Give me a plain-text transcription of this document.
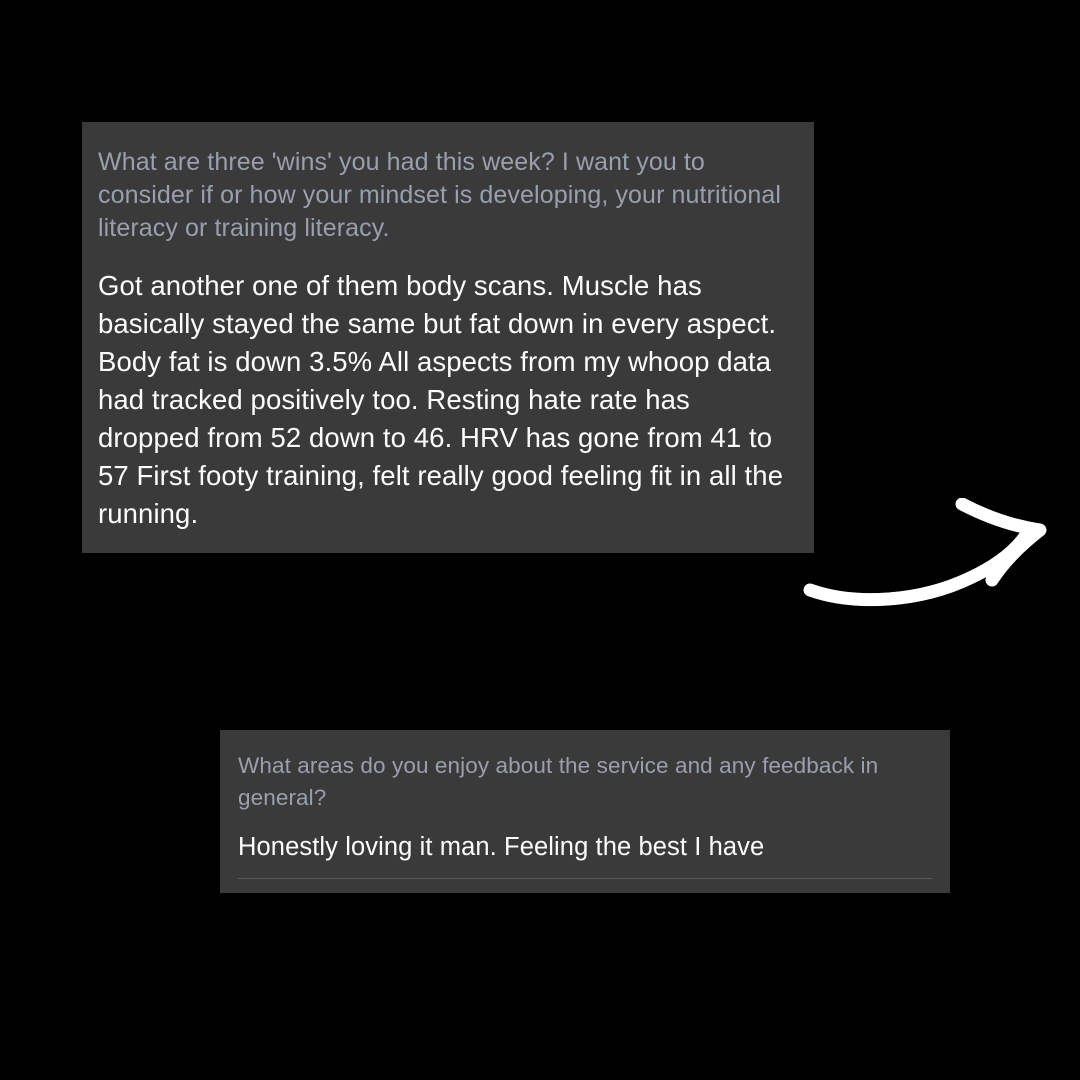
What are three 'wins' you had this week? I want you to consider if or how your mindset is developing, your nutritional literacy or training literacy.

Got another one of them body scans. Muscle has basically stayed the same but fat down in every aspect. Body fat is down 3.5% All aspects from my whoop data had tracked positively too. Resting hate rate has dropped from 52 down to 46. HRV has gone from 41 to 57 First footy training, felt really good feeling fit in all the running.

What areas do you enjoy about the service and any feedback in general?

Honestly loving it man. Feeling the best I have
